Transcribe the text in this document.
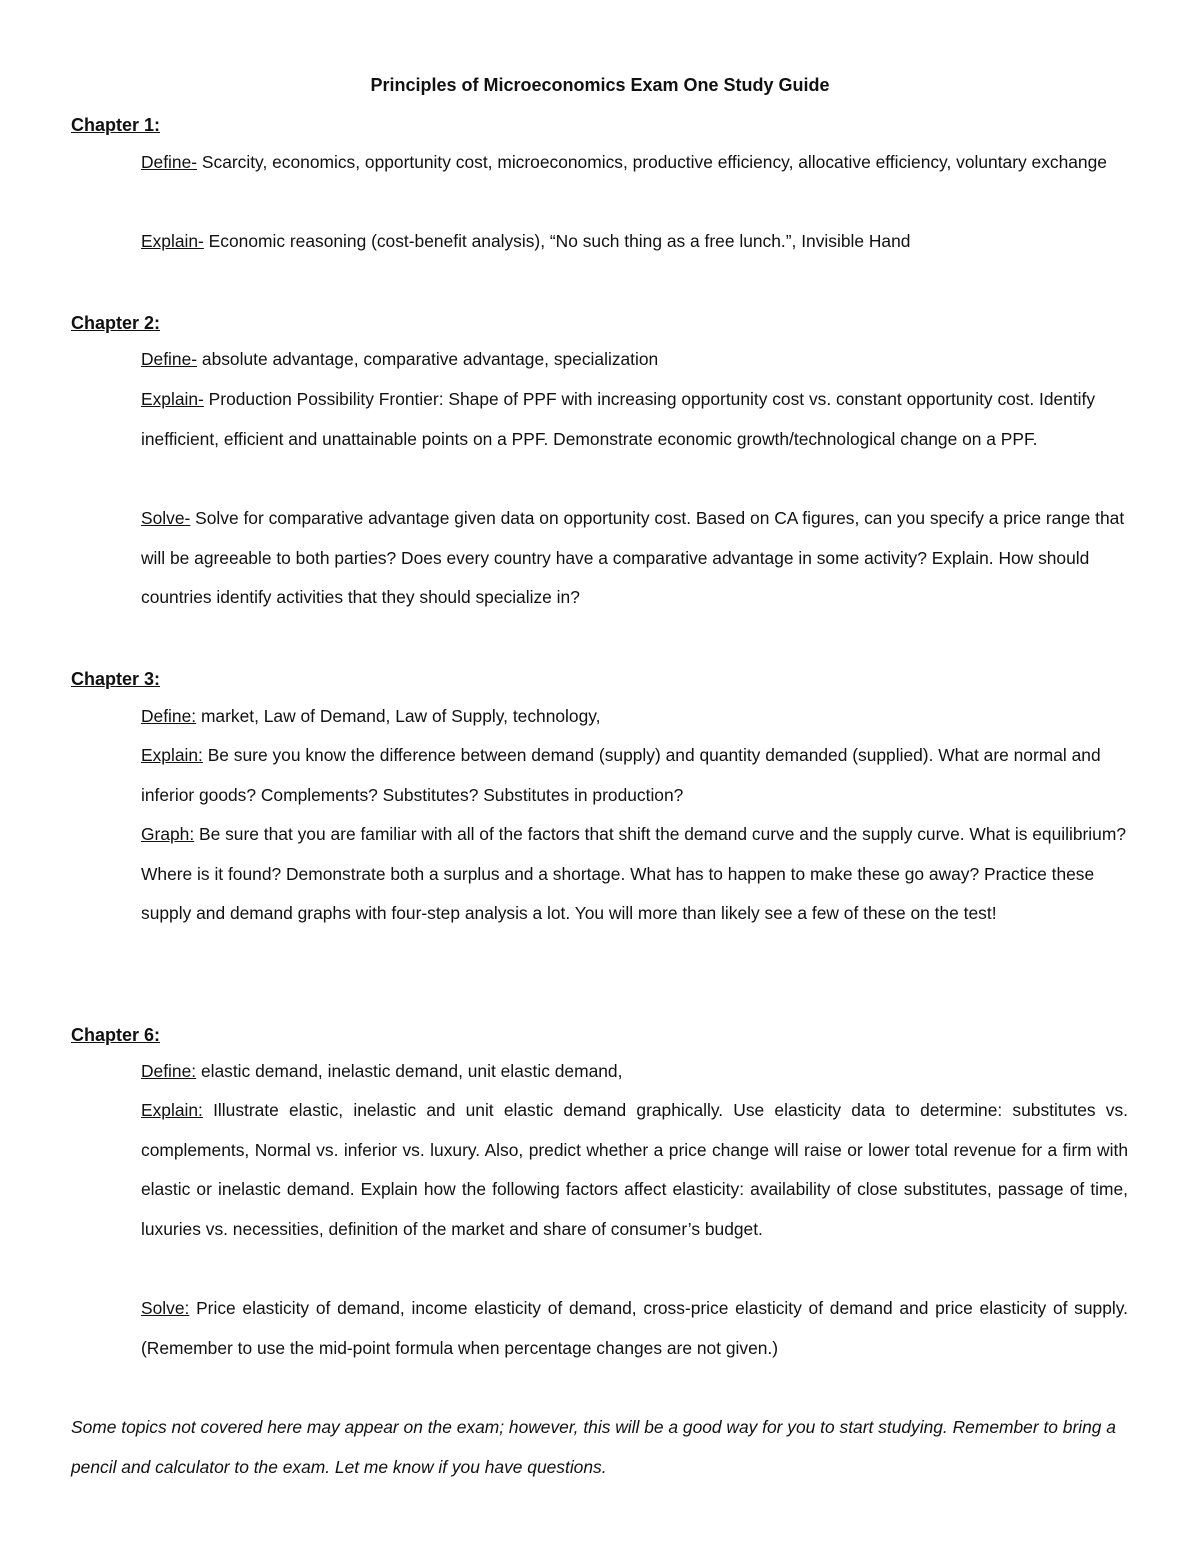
Principles of Microeconomics Exam One Study Guide
Chapter 1:
Define- Scarcity, economics, opportunity cost, microeconomics, productive efficiency, allocative efficiency, voluntary exchange
Explain- Economic reasoning (cost-benefit analysis), “No such thing as a free lunch.”, Invisible Hand
Chapter 2:
Define- absolute advantage, comparative advantage, specialization
Explain- Production Possibility Frontier: Shape of PPF with increasing opportunity cost vs. constant opportunity cost. Identify inefficient, efficient and unattainable points on a PPF. Demonstrate economic growth/technological change on a PPF.
Solve- Solve for comparative advantage given data on opportunity cost. Based on CA figures, can you specify a price range that will be agreeable to both parties? Does every country have a comparative advantage in some activity? Explain. How should countries identify activities that they should specialize in?
Chapter 3:
Define: market, Law of Demand, Law of Supply, technology,
Explain: Be sure you know the difference between demand (supply) and quantity demanded (supplied). What are normal and inferior goods? Complements? Substitutes? Substitutes in production?
Graph: Be sure that you are familiar with all of the factors that shift the demand curve and the supply curve. What is equilibrium? Where is it found? Demonstrate both a surplus and a shortage. What has to happen to make these go away? Practice these supply and demand graphs with four-step analysis a lot. You will more than likely see a few of these on the test!
Chapter 6:
Define: elastic demand, inelastic demand, unit elastic demand,
Explain: Illustrate elastic, inelastic and unit elastic demand graphically. Use elasticity data to determine: substitutes vs. complements, Normal vs. inferior vs. luxury. Also, predict whether a price change will raise or lower total revenue for a firm with elastic or inelastic demand. Explain how the following factors affect elasticity: availability of close substitutes, passage of time, luxuries vs. necessities, definition of the market and share of consumer’s budget.
Solve: Price elasticity of demand, income elasticity of demand, cross-price elasticity of demand and price elasticity of supply. (Remember to use the mid-point formula when percentage changes are not given.)
Some topics not covered here may appear on the exam; however, this will be a good way for you to start studying. Remember to bring a pencil and calculator to the exam. Let me know if you have questions.
